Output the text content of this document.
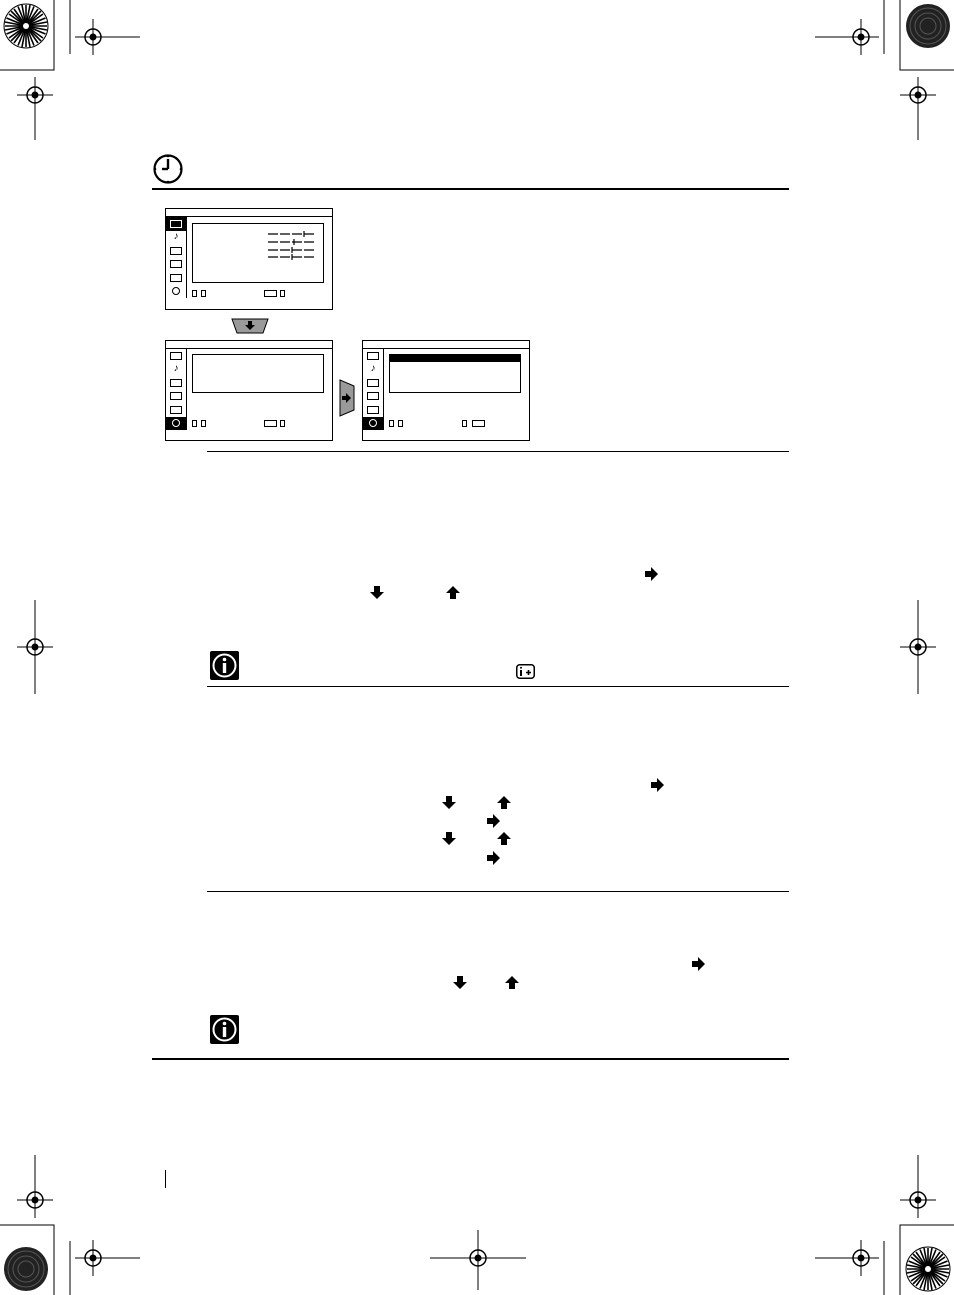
♪
♪	♪
